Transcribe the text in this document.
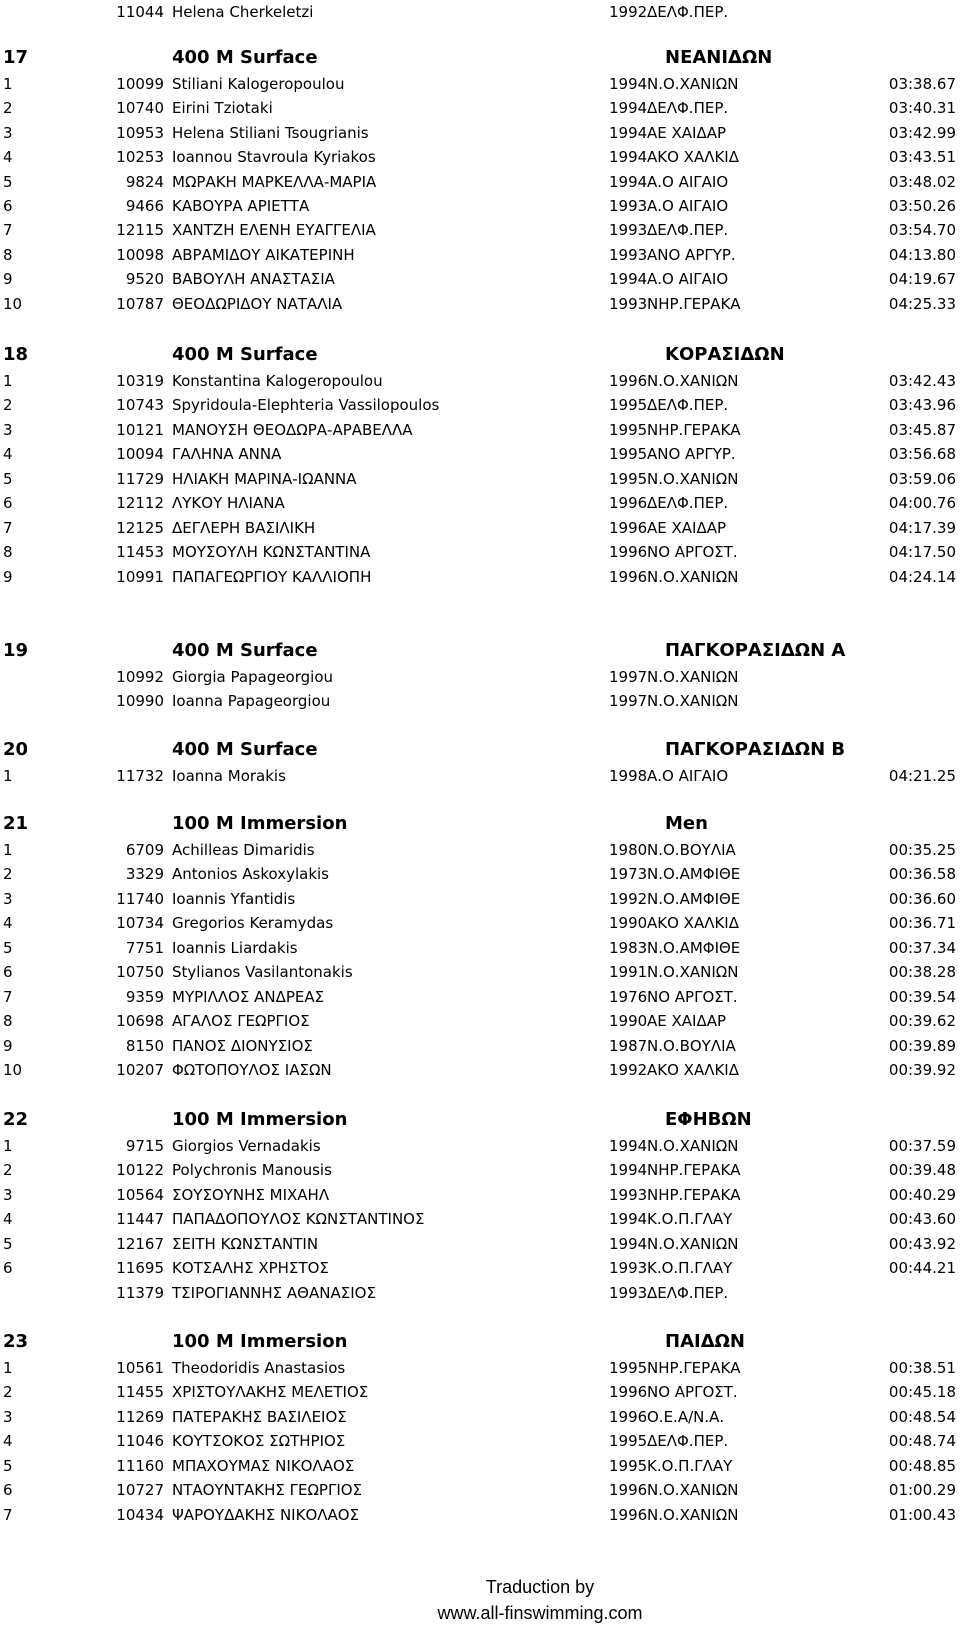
11044 Helena Cherkeletzi	1992 ΔΕΛΦ.ΠΕΡ.
17	400 M Surface	ΝΕΑΝΙΔΩΝ
1	10099 Stiliani Kalogeropoulou	1994 Ν.Ο.ΧΑΝΙΩΝ	03:38.67
2	10740 Eirini Tziotaki	1994 ΔΕΛΦ.ΠΕΡ.	03:40.31
3	10953 Helena Stiliani Tsougrianis	1994 ΑΕ ΧΑΙΔΑΡ	03:42.99
4	10253 Ioannou Stavroula Kyriakos	1994 ΑΚΟ ΧΑΛΚΙΔ	03:43.51
5	9824 ΜΩΡΑΚΗ ΜΑΡΚΕΛΛΑ-ΜΑΡΙΑ	1994 Α.Ο ΑΙΓΑΙΟ	03:48.02
6	9466 ΚΑΒΟΥΡΑ ΑΡΙΕΤΤΑ	1993 Α.Ο ΑΙΓΑΙΟ	03:50.26
7	12115 ΧΑΝΤΖΗ ΕΛΕΝΗ ΕΥΑΓΓΕΛΙΑ	1993 ΔΕΛΦ.ΠΕΡ.	03:54.70
8	10098 ΑΒΡΑΜΙΔΟΥ ΑΙΚΑΤΕΡΙΝΗ	1993 ΑΝΟ ΑΡΓΥΡ.	04:13.80
9	9520 ΒΑΒΟΥΛΗ ΑΝΑΣΤΑΣΙΑ	1994 Α.Ο ΑΙΓΑΙΟ	04:19.67
10	10787 ΘΕΟΔΩΡΙΔΟΥ ΝΑΤΑΛΙΑ	1993 ΝΗΡ.ΓΕΡΑΚΑ	04:25.33
18	400 M Surface	ΚΟΡΑΣΙΔΩΝ
1	10319 Konstantina Kalogeropoulou	1996 Ν.Ο.ΧΑΝΙΩΝ	03:42.43
2	10743 Spyridoula-Elephteria Vassilopoulos	1995 ΔΕΛΦ.ΠΕΡ.	03:43.96
3	10121 ΜΑΝΟΥΣΗ ΘΕΟΔΩΡΑ-ΑΡΑΒΕΛΛΑ	1995 ΝΗΡ.ΓΕΡΑΚΑ	03:45.87
4	10094 ΓΑΛΗΝΑ ΑΝΝΑ	1995 ΑΝΟ ΑΡΓΥΡ.	03:56.68
5	11729 ΗΛΙΑΚΗ ΜΑΡΙΝΑ-ΙΩΑΝΝΑ	1995 Ν.Ο.ΧΑΝΙΩΝ	03:59.06
6	12112 ΛΥΚΟΥ ΗΛΙΑΝΑ	1996 ΔΕΛΦ.ΠΕΡ.	04:00.76
7	12125 ΔΕΓΛΕΡΗ ΒΑΣΙΛΙΚΗ	1996 ΑΕ ΧΑΙΔΑΡ	04:17.39
8	11453 ΜΟΥΣΟΥΛΗ ΚΩΝΣΤΑΝΤΙΝΑ	1996 ΝΟ ΑΡΓΟΣΤ.	04:17.50
9	10991 ΠΑΠΑΓΕΩΡΓΙΟΥ ΚΑΛΛΙΟΠΗ	1996 Ν.Ο.ΧΑΝΙΩΝ	04:24.14
19	400 M Surface	ΠΑΓΚΟΡΑΣΙΔΩΝ Α
10992 Giorgia Papageorgiou	1997 Ν.Ο.ΧΑΝΙΩΝ
10990 Ioanna Papageorgiou	1997 Ν.Ο.ΧΑΝΙΩΝ
20	400 M Surface	ΠΑΓΚΟΡΑΣΙΔΩΝ Β
1	11732 Ioanna Morakis	1998 Α.Ο ΑΙΓΑΙΟ	04:21.25
21	100 M Immersion	Men
1	6709 Achilleas Dimaridis	1980 Ν.Ο.ΒΟΥΛΙΑ	00:35.25
2	3329 Antonios Askoxylakis	1973 Ν.Ο.ΑΜΦΙΘΕ	00:36.58
3	11740 Ioannis Yfantidis	1992 Ν.Ο.ΑΜΦΙΘΕ	00:36.60
4	10734 Gregorios Keramydas	1990 ΑΚΟ ΧΑΛΚΙΔ	00:36.71
5	7751 Ioannis Liardakis	1983 Ν.Ο.ΑΜΦΙΘΕ	00:37.34
6	10750 Stylianos Vasilantonakis	1991 Ν.Ο.ΧΑΝΙΩΝ	00:38.28
7	9359 ΜΥΡΙΛΛΟΣ ΑΝΔΡΕΑΣ	1976 ΝΟ ΑΡΓΟΣΤ.	00:39.54
8	10698 ΑΓΑΛΟΣ ΓΕΩΡΓΙΟΣ	1990 ΑΕ ΧΑΙΔΑΡ	00:39.62
9	8150 ΠΑΝΟΣ ΔΙΟΝΥΣΙΟΣ	1987 Ν.Ο.ΒΟΥΛΙΑ	00:39.89
10	10207 ΦΩΤΟΠΟΥΛΟΣ ΙΑΣΩΝ	1992 ΑΚΟ ΧΑΛΚΙΔ	00:39.92
22	100 M Immersion	ΕΦΗΒΩΝ
1	9715 Giorgios Vernadakis	1994 Ν.Ο.ΧΑΝΙΩΝ	00:37.59
2	10122 Polychronis Manousis	1994 ΝΗΡ.ΓΕΡΑΚΑ	00:39.48
3	10564 ΣΟΥΣΟΥΝΗΣ ΜΙΧΑΗΛ	1993 ΝΗΡ.ΓΕΡΑΚΑ	00:40.29
4	11447 ΠΑΠΑΔΟΠΟΥΛΟΣ ΚΩΝΣΤΑΝΤΙΝΟΣ	1994 Κ.Ο.Π.ΓΛΑΥ	00:43.60
5	12167 ΣΕΙΤΗ ΚΩΝΣΤΑΝΤΙΝ	1994 Ν.Ο.ΧΑΝΙΩΝ	00:43.92
6	11695 ΚΟΤΣΑΛΗΣ ΧΡΗΣΤΟΣ	1993 Κ.Ο.Π.ΓΛΑΥ	00:44.21
11379 ΤΣΙΡΟΓΙΑΝΝΗΣ ΑΘΑΝΑΣΙΟΣ	1993 ΔΕΛΦ.ΠΕΡ.
23	100 M Immersion	ΠΑΙΔΩΝ
1	10561 Theodoridis Anastasios	1995 ΝΗΡ.ΓΕΡΑΚΑ	00:38.51
2	11455 ΧΡΙΣΤΟΥΛΑΚΗΣ ΜΕΛΕΤΙΟΣ	1996 ΝΟ ΑΡΓΟΣΤ.	00:45.18
3	11269 ΠΑΤΕΡΑΚΗΣ ΒΑΣΙΛΕΙΟΣ	1996 Ο.Ε.Α/Ν.Α.	00:48.54
4	11046 ΚΟΥΤΣΟΚΟΣ ΣΩΤΗΡΙΟΣ	1995 ΔΕΛΦ.ΠΕΡ.	00:48.74
5	11160 ΜΠΑΧΟΥΜΑΣ ΝΙΚΟΛΑΟΣ	1995 Κ.Ο.Π.ΓΛΑΥ	00:48.85
6	10727 ΝΤΑΟΥΝΤΑΚΗΣ ΓΕΩΡΓΙΟΣ	1996 Ν.Ο.ΧΑΝΙΩΝ	01:00.29
7	10434 ΨΑΡΟΥΔΑΚΗΣ ΝΙΚΟΛΑΟΣ	1996 Ν.Ο.ΧΑΝΙΩΝ	01:00.43
Traduction by
www.all-finswimming.com
